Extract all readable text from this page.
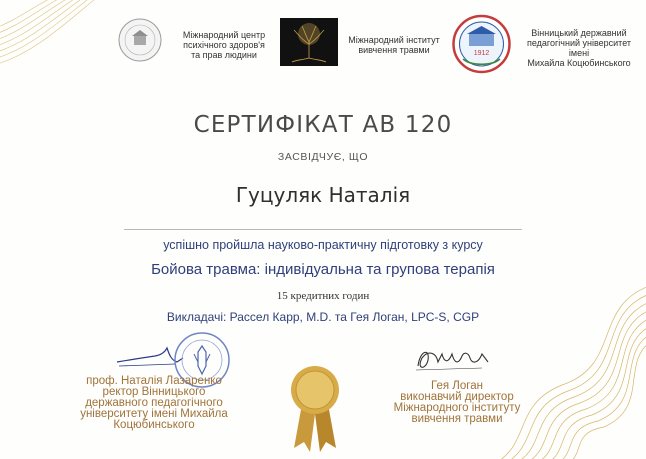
Міжнародний центр
психічного здоров'я
та прав людини
Міжнародний інститут
вивчення травми	1912
Вінницький державний
педагогічний університет імені
Михайла Коцюбинського
СЕРТИФІКАТ АВ 120
ЗАСВІДЧУЄ, ЩО
Гуцуляк Наталія
успішно пройшла науково-практичну підготовку з курсу
Бойова травма: індивідуальна та групова терапія
15 кредитних годин
Викладачі: Рассел Карр, M.D. та Гея Логан, LPC-S, CGP
проф. Наталія Лазаренко
ректор Вінницького
державного педагогічного
університету імені Михайла
Коцюбинського
Гея Логан
виконавчий директор
Міжнародного інституту
вивчення травми
